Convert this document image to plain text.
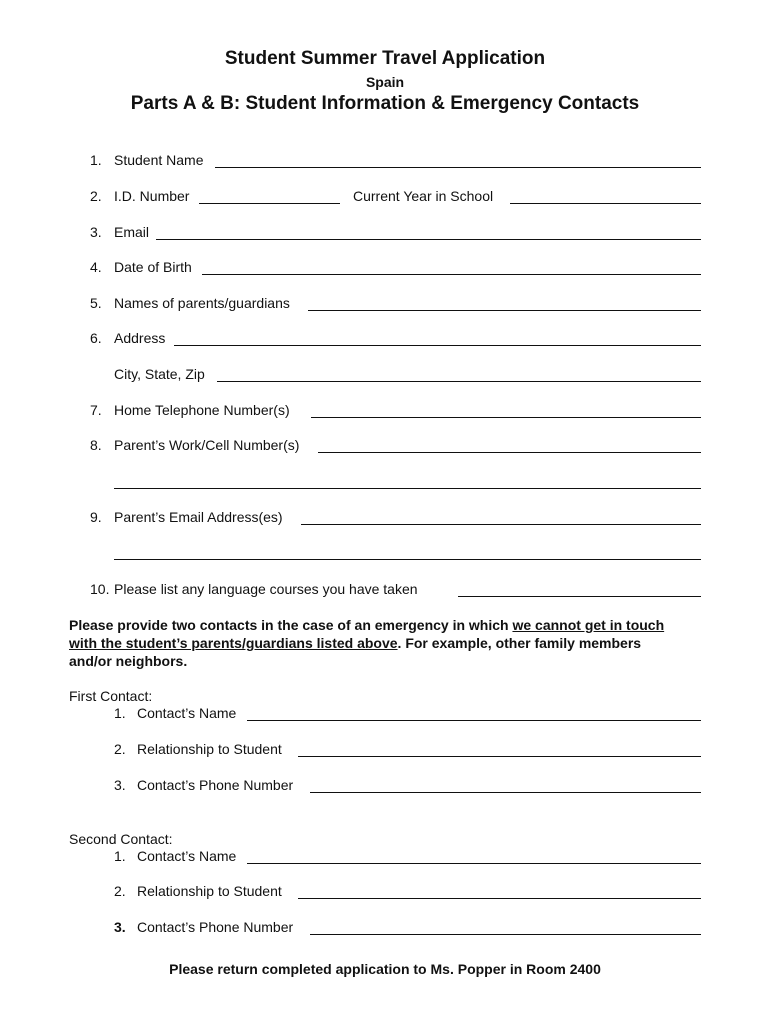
Student Summer Travel Application
Spain
Parts A & B: Student Information & Emergency Contacts
1. Student Name
2. I.D. Number	Current Year in School
3. Email
4. Date of Birth
5. Names of parents/guardians
6. Address
City, State, Zip
7. Home Telephone Number(s)
8. Parent’s Work/Cell Number(s)
9. Parent’s Email Address(es)
10. Please list any language courses you have taken
Please provide two contacts in the case of an emergency in which we cannot get in touch with the student’s parents/guardians listed above. For example, other family members and/or neighbors.
First Contact:
1. Contact’s Name
2. Relationship to Student
3. Contact’s Phone Number
Second Contact:
1. Contact’s Name
2. Relationship to Student
3. Contact’s Phone Number
Please return completed application to Ms. Popper in Room 2400
